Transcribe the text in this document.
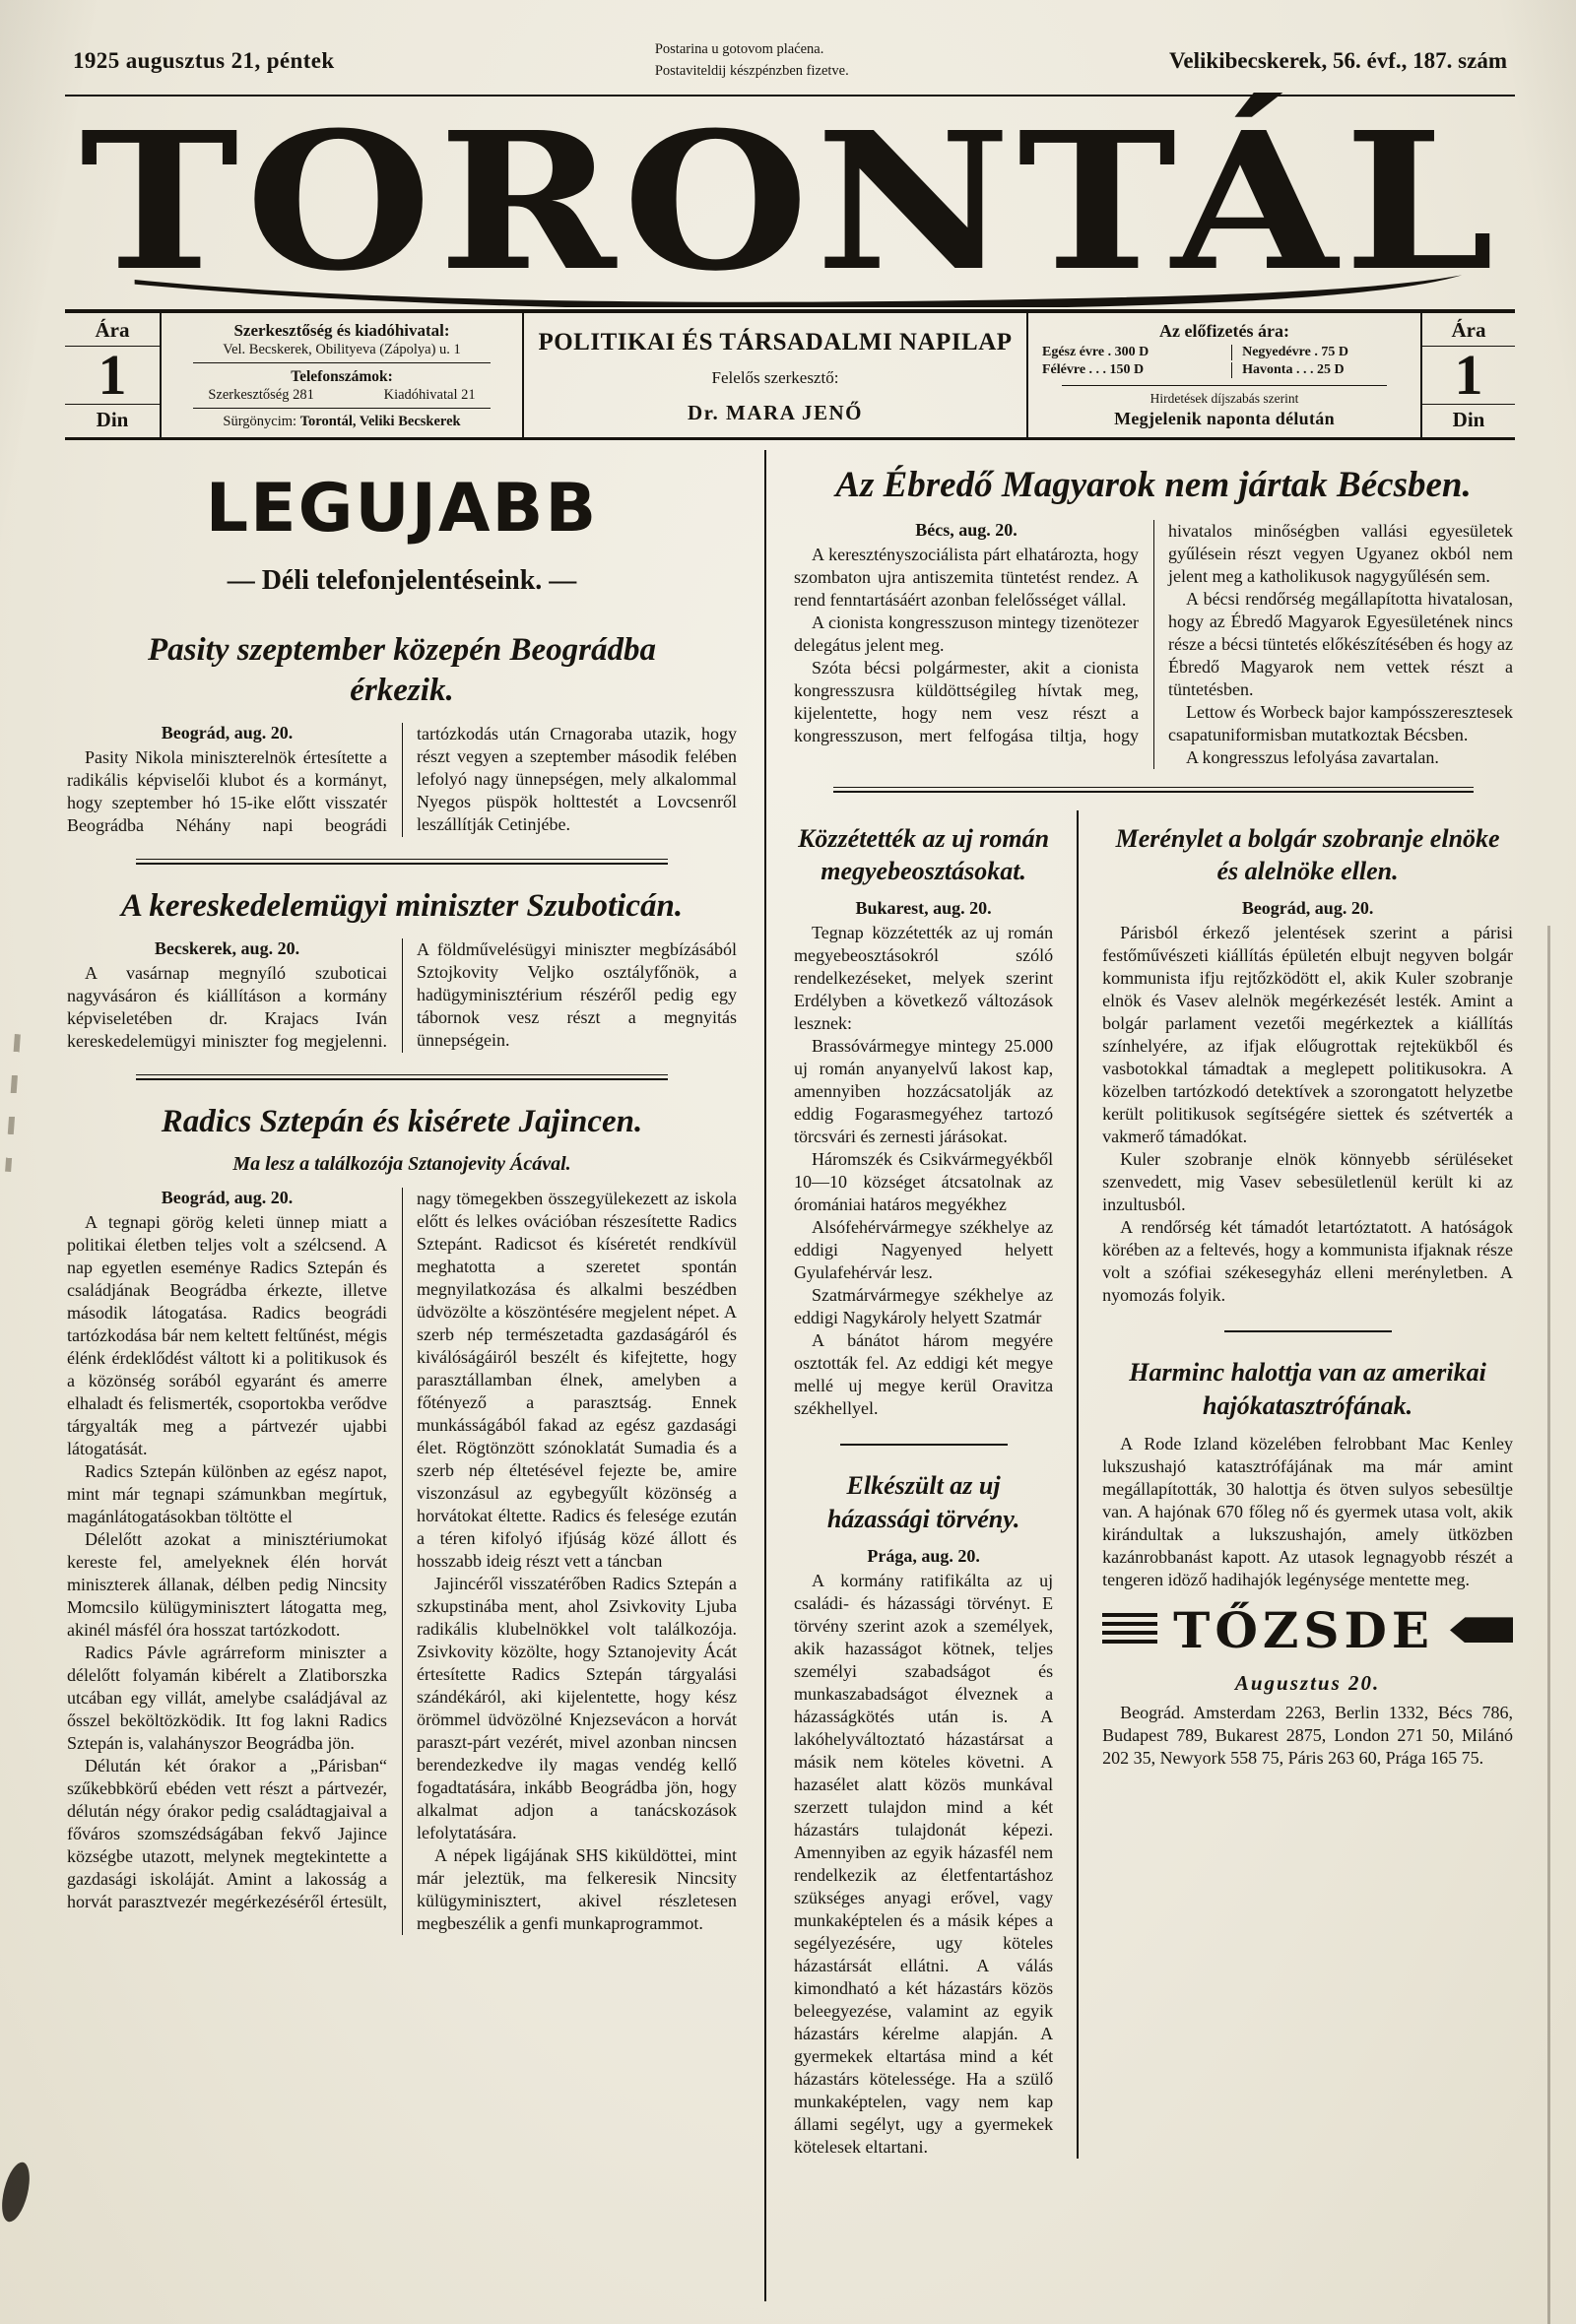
1925 augusztus 21, péntek	Postarina u gotovom plaćena.
Postaviteldij készpénzben fizetve.	Velikibecskerek, 56. évf., 187. szám
TORONTÁL
Ára
1
Din
Szerkesztőség és kiadóhivatal:
Vel. Becskerek, Obilityeva (Zápolya) u. 1
Telefonszámok:
Szerkesztőség 281	Kiadóhivatal 21
Sürgönycim: Torontál, Veliki Becskerek
POLITIKAI ÉS TÁRSADALMI NAPILAP
Felelős szerkesztő:
Dr. MARA JENŐ
Az előfizetés ára:
Egész évre . 300 D	Negyedévre . 75 D
Félévre . . . 150 D	Havonta . . . 25 D
Hirdetések díjszabás szerint
Megjelenik naponta délután
Ára
1
Din
LEGUJABB
— Déli telefonjelentéseink. —
Pasity szeptember közepén Beográdba érkezik.
Beográd, aug. 20.

Pasity Nikola miniszterelnök értesítette a radikális képviselői klubot és a kormányt, hogy szeptember hó 15-ike előtt visszatér Beográdba Néhány napi beográdi tartózkodás után Crnagoraba utazik, hogy részt vegyen a szeptember második felében lefolyó nagy ünnepségen, mely alkalommal Nyegos püspök holttestét a Lovcsenről leszállítják Cetinjébe.

A kereskedelemügyi miniszter Szuboticán.
Becskerek, aug. 20.

A vasárnap megnyíló szuboticai nagyvásáron és kiállításon a kormány képviseletében dr. Krajacs Iván kereskedelemügyi miniszter fog megjelenni. A földművelésügyi miniszter megbízásából Sztojkovity Veljko osztályfőnök, a hadügyminisztérium részéről pedig egy tábornok vesz részt a megnyitás ünnepségein.

Radics Sztepán és kisérete Jajincen.
Ma lesz a találkozója Sztanojevity Ácával.
Beográd, aug. 20.

A tegnapi görög keleti ünnep miatt a politikai életben teljes volt a szélcsend. A nap egyetlen eseménye Radics Sztepán és családjának Beográdba érkezte, illetve második látogatása. Radics beográdi tartózkodása bár nem keltett feltűnést, mégis élénk érdeklődést váltott ki a politikusok és a közönség sorából egyaránt és amerre elhaladt és felismerték, csoportokba verődve tárgyalták meg a pártvezér ujabbi látogatását.

Radics Sztepán különben az egész napot, mint már tegnapi számunkban megírtuk, magánlátogatásokban töltötte el

Délelőtt azokat a minisztériumokat kereste fel, amelyeknek élén horvát miniszterek állanak, délben pedig Nincsity Momcsilo külügyminisztert látogatta meg, akinél másfél óra hosszat tartózkodott.

Radics Pávle agrárreform miniszter a délelőtt folyamán kibérelt a Zlatiborszka utcában egy villát, amelybe családjával az ősszel beköltözködik. Itt fog lakni Radics Sztepán is, valahányszor Beográdba jön.

Délután két órakor a „Párisban“ szűkebbkörű ebéden vett részt a pártvezér, délután négy órakor pedig családtagjaival a főváros szomszédságában fekvő Jajince községbe utazott, melynek megtekintette a gazdasági iskoláját. Amint a lakosság a horvát parasztvezér megérkezéséről értesült, nagy tömegekben összegyülekezett az iskola előtt és lelkes ovációban részesítette Radics Sztepánt. Radicsot és kíséretét rendkívül meghatotta a szeretet spontán megnyilatkozása és alkalmi beszédben üdvözölte a köszöntésére megjelent népet. A szerb nép természetadta gazdaságáról és kiválóságáiról beszélt és kifejtette, hogy parasztállamban élnek, amelyben a főtényező a parasztság. Ennek munkásságából fakad az egész gazdasági élet. Rögtönzött szónoklatát Sumadia és a szerb nép éltetésével fejezte be, amire viszonzásul az egybegyűlt közönség a horvátokat éltette. Radics és felesége ezután a téren kifolyó ifjúság közé állott és hosszabb ideig részt vett a táncban

Jajincéről visszatérőben Radics Sztepán a szkupstinába ment, ahol Zsivkovity Ljuba radikális klubelnökkel volt találkozója. Zsivkovity közölte, hogy Sztanojevity Ácát értesítette Radics Sztepán tárgyalási szándékáról, aki kijelentette, hogy kész örömmel üdvözölné Knjezsevácon a horvát paraszt-párt vezérét, mivel azonban nincsen berendezkedve ily magas vendég kellő fogadtatására, inkább Beográdba jön, hogy alkalmat adjon a tanácskozások lefolytatására.

A népek ligájának SHS kiküldöttei, mint már jeleztük, ma felkeresik Nincsity külügyminisztert, akivel részletesen megbeszélik a genfi munkaprogrammot.

Az Ébredő Magyarok nem jártak Bécsben.
Bécs, aug. 20.

A keresztényszociálista párt elhatározta, hogy szombaton ujra antiszemita tüntetést rendez. A rend fenntartásáért azonban felelősséget vállal.

A cionista kongresszuson mintegy tizenötezer delegátus jelent meg.

Szóta bécsi polgármester, akit a cionista kongresszusra küldöttségileg hívtak meg, kijelentette, hogy nem vesz részt a kongresszuson, mert felfogása tiltja, hogy hivatalos minőségben vallási egyesületek gyűlésein részt vegyen Ugyanez okból nem jelent meg a katholikusok nagygyűlésén sem.

A bécsi rendőrség megállapította hivatalosan, hogy az Ébredő Magyarok Egyesületének nincs része a bécsi tüntetés előkészítésében és hogy az Ébredő Magyarok nem vettek részt a tüntetésben.

Lettow és Worbeck bajor kampósszeresztesek csapatuniformisban mutatkoztak Bécsben.

A kongresszus lefolyása zavartalan.

Közzétették az uj román megyebeosztásokat.
Bukarest, aug. 20.

Tegnap közzétették az uj román megyebeosztásokról szóló rendelkezéseket, melyek szerint Erdélyben a következő változások lesznek:

Brassóvármegye mintegy 25.000 uj román anyanyelvű lakost kap, amennyiben hozzácsatolják az eddig Fogarasmegyéhez tartozó törcsvári és zernesti járásokat.

Háromszék és Csikvármegyékből 10—10 községet átcsatolnak az óromániai határos megyékhez

Alsófehérvármegye székhelye az eddigi Nagyenyed helyett Gyulafehérvár lesz.

Szatmárvármegye székhelye az eddigi Nagykároly helyett Szatmár

A bánátot három megyére osztották fel. Az eddigi két megye mellé uj megye kerül Oravitza székhellyel.

Elkészült az uj házassági törvény.
Prága, aug. 20.

A kormány ratifikálta az uj családi- és házassági törvényt. E törvény szerint azok a személyek, akik hazasságot kötnek, teljes személyi szabadságot és munkaszabadságot élveznek a házasságkötés után is. A lakóhelyváltoztató házastársat a másik nem köteles követni. A hazasélet alatt közös munkával szerzett tulajdon mind a két házastárs tulajdonát képezi. Amennyiben az egyik házasfél nem rendelkezik az életfentartáshoz szükséges anyagi erővel, vagy munkaképtelen és a másik képes a segélyezésére, ugy köteles házastársát ellátni. A válás kimondható a két házastárs közös beleegyezése, valamint az egyik házastárs kérelme alapján. A gyermekek eltartása mind a két házastárs kötelessége. Ha a szülő munkaképtelen, vagy nem kap állami segélyt, ugy a gyermekek kötelesek eltartani.

Merénylet a bolgár szobranje elnöke és alelnöke ellen.
Beográd, aug. 20.

Párisból érkező jelentések szerint a párisi festőművészeti kiállítás épületén elbujt negyven bolgár kommunista ifju rejtőzködött el, akik Kuler szobranje elnök és Vasev alelnök megérkezését lesték. Amint a bolgár parlament vezetői megérkeztek a kiállítás színhelyére, az ifjak előugrottak rejtekükből és vasbotokkal támadtak a meglepett politikusokra. A közelben tartózkodó detektívek a szorongatott helyzetbe került politikusok segítségére siettek és szétverték a vakmerő támadókat.

Kuler szobranje elnök könnyebb sérüléseket szenvedett, mig Vasev sebesületlenül került ki az inzultusból.

A rendőrség két támadót letartóztatott. A hatóságok körében az a feltevés, hogy a kommunista ifjaknak része volt a szófiai székesegyház elleni merényletben. A nyomozás folyik.

Harminc halottja van az amerikai hajókatasztrófának.

A Rode Izland közelében felrobbant Mac Kenley lukszushajó katasztrófájának ma már amint megállapították, 30 halottja és ötven sulyos sebesültje van. A hajónak 670 főleg nő és gyermek utasa volt, akik kirándultak a lukszushajón, amely ütközben kazánrobbanást kapott. Az utasok legnagyobb részét a tengeren idöző hadihajók legénysége mentette meg.

TŐZSDE
Augusztus 20.

Beográd. Amsterdam 2263, Berlin 1332, Bécs 786, Budapest 789, Bukarest 2875, London 271 50, Milánó 202 35, Newyork 558 75, Páris 263 60, Prága 165 75.
